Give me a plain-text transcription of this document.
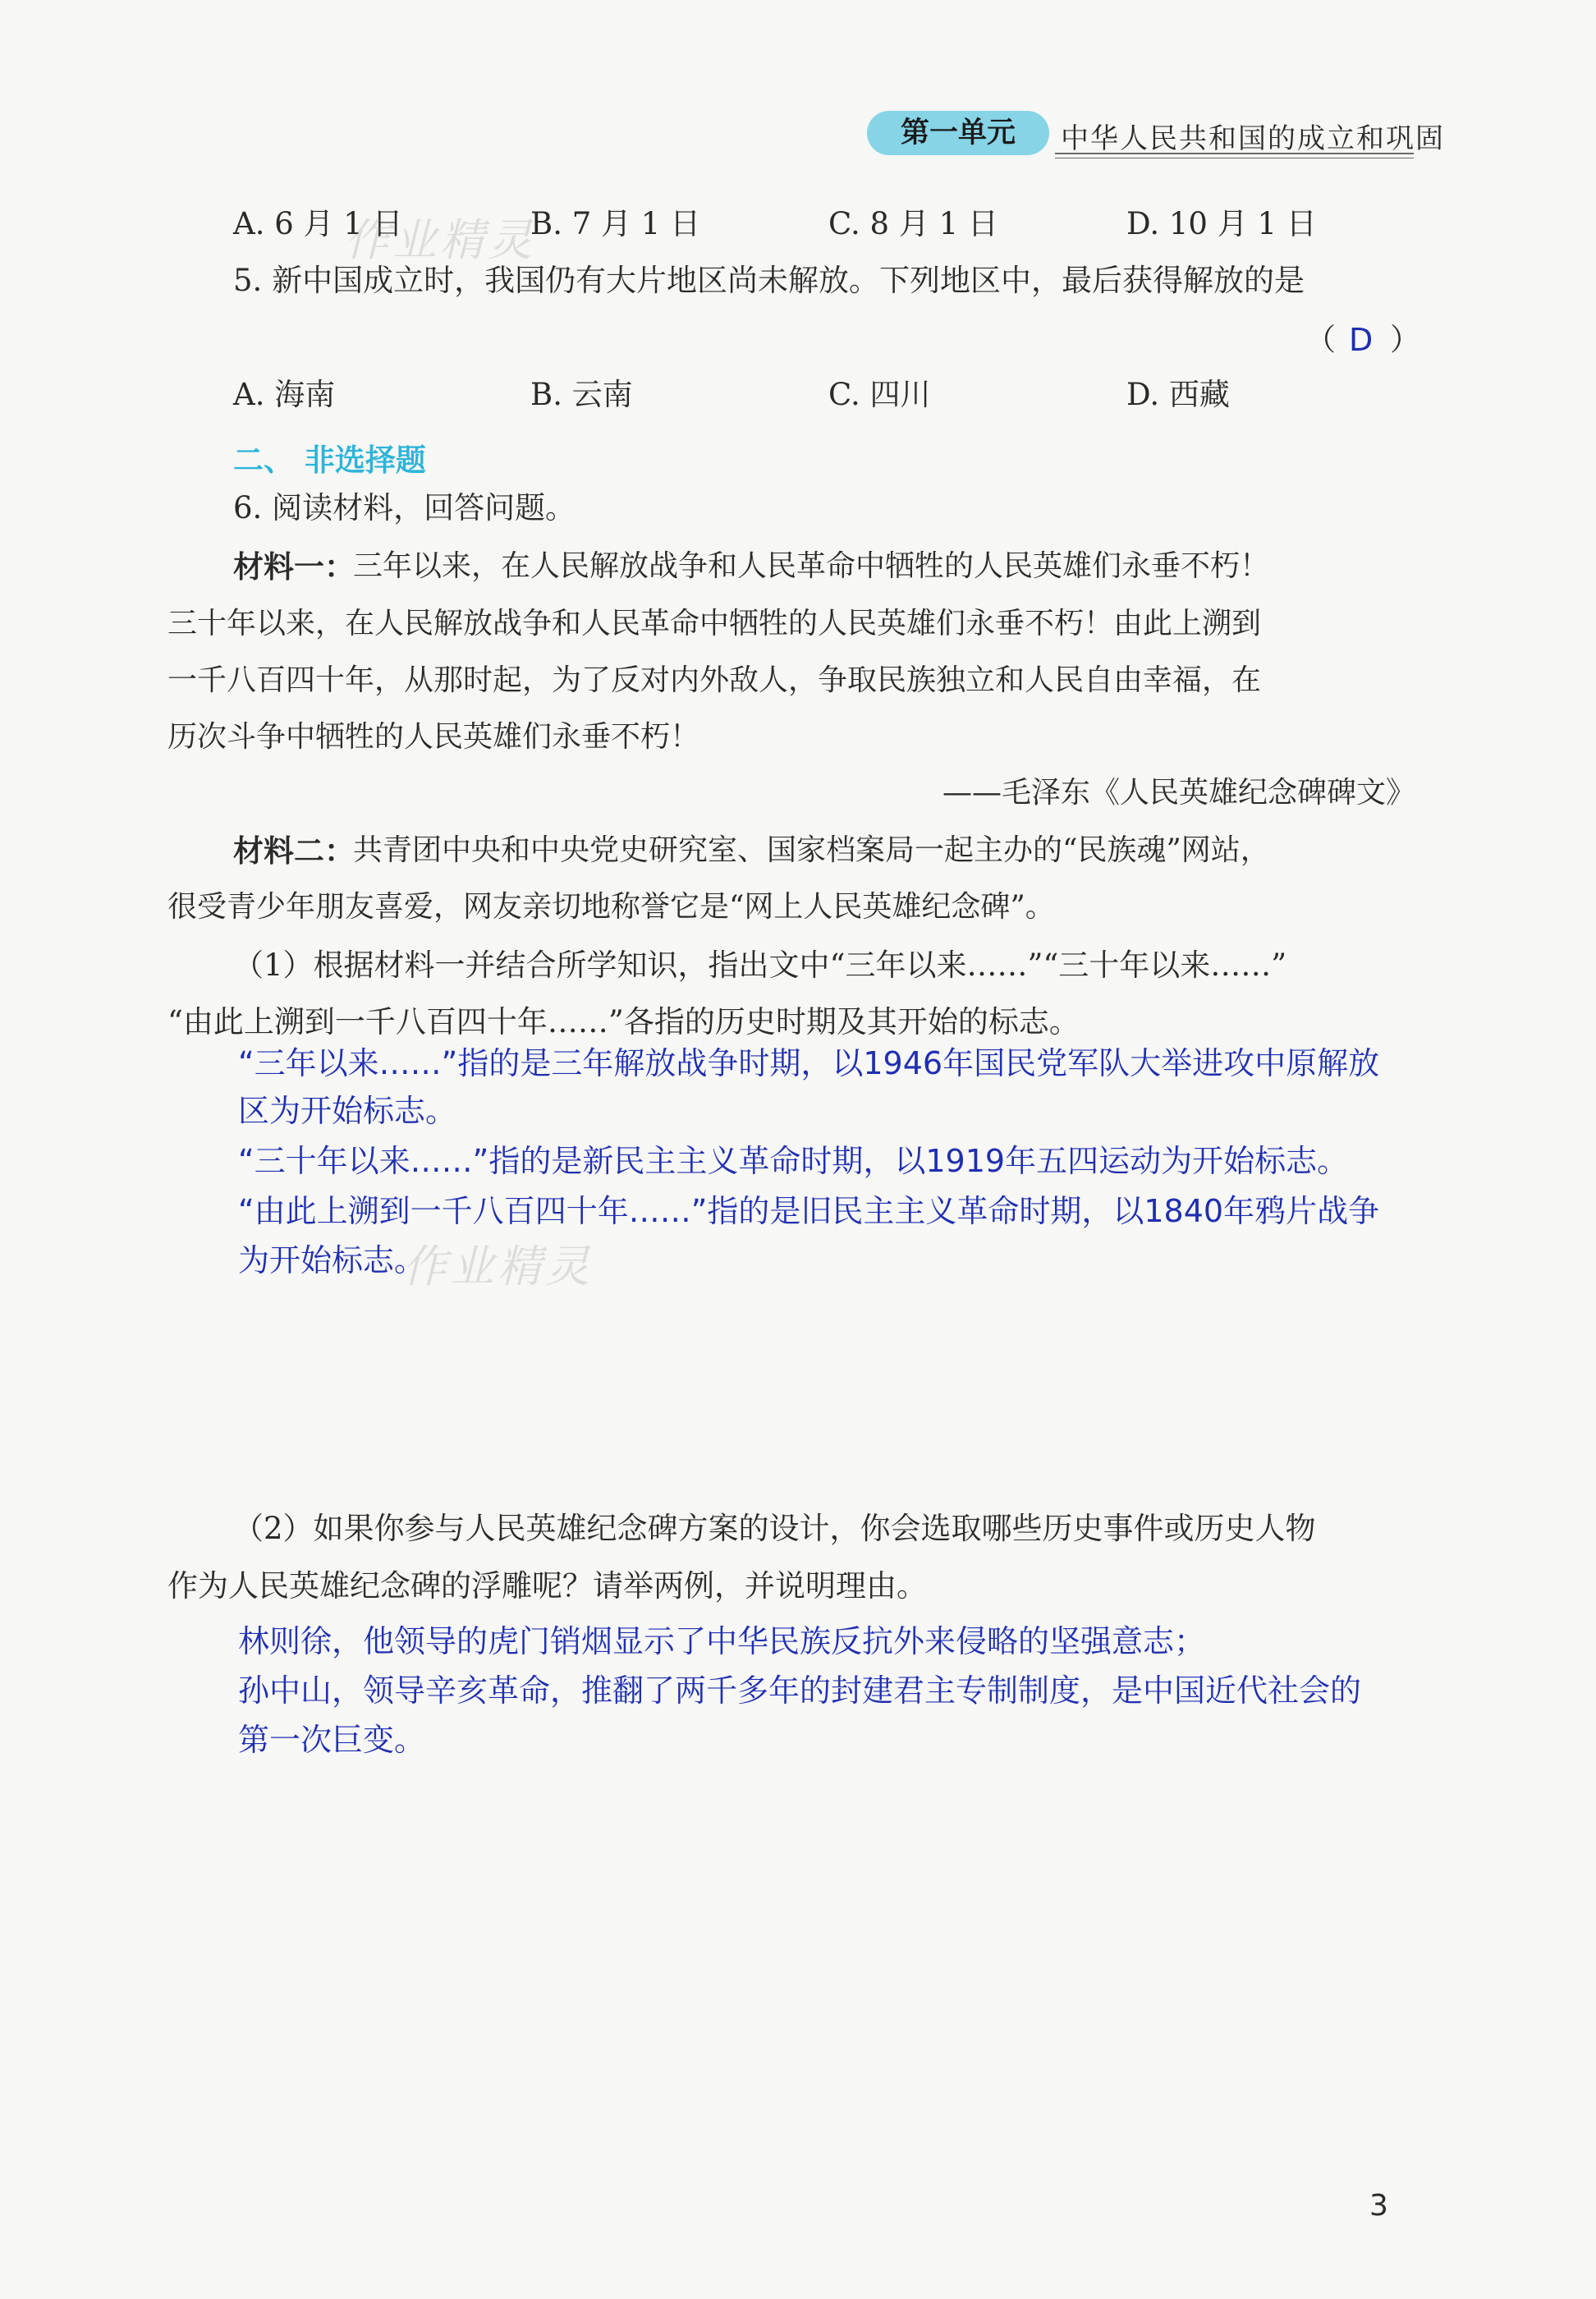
第一单元	中华人民共和国的成立和巩固
A. 6 月 1 日	B. 7 月 1 日	C. 8 月 1 日	D. 10 月 1 日
5. 新中国成立时，我国仍有大片地区尚未解放。下列地区中，最后获得解放的是
（ D ）
A. 海南	B. 云南	C. 四川	D. 西藏
二、 非选择题
6. 阅读材料，回答问题。
材料一：
三年以来，在人民解放战争和人民革命中牺牲的人民英雄们永垂不朽！
三十年以来，在人民解放战争和人民革命中牺牲的人民英雄们永垂不朽！由此上溯到
一千八百四十年，从那时起，为了反对内外敌人，争取民族独立和人民自由幸福，在
历次斗争中牺牲的人民英雄们永垂不朽！
——毛泽东《人民英雄纪念碑碑文》
材料二：
共青团中央和中央党史研究室、国家档案局一起主办的“民族魂”网站，
很受青少年朋友喜爱，网友亲切地称誉它是“网上人民英雄纪念碑”。
（1）根据材料一并结合所学知识，指出文中“三年以来……”“三十年以来……”
“由此上溯到一千八百四十年……”各指的历史时期及其开始的标志。
“三年以来……”指的是三年解放战争时期，以1946年国民党军队大举进攻中原解放
区为开始标志。
“三十年以来……”指的是新民主主义革命时期，以1919年五四运动为开始标志。
“由此上溯到一千八百四十年……”指的是旧民主主义革命时期，以1840年鸦片战争
为开始标志。
（2）如果你参与人民英雄纪念碑方案的设计，你会选取哪些历史事件或历史人物
作为人民英雄纪念碑的浮雕呢？请举两例，并说明理由。
林则徐，他领导的虎门销烟显示了中华民族反抗外来侵略的坚强意志；
孙中山，领导辛亥革命，推翻了两千多年的封建君主专制制度，是中国近代社会的
第一次巨变。
作业精灵
作业精灵
3
